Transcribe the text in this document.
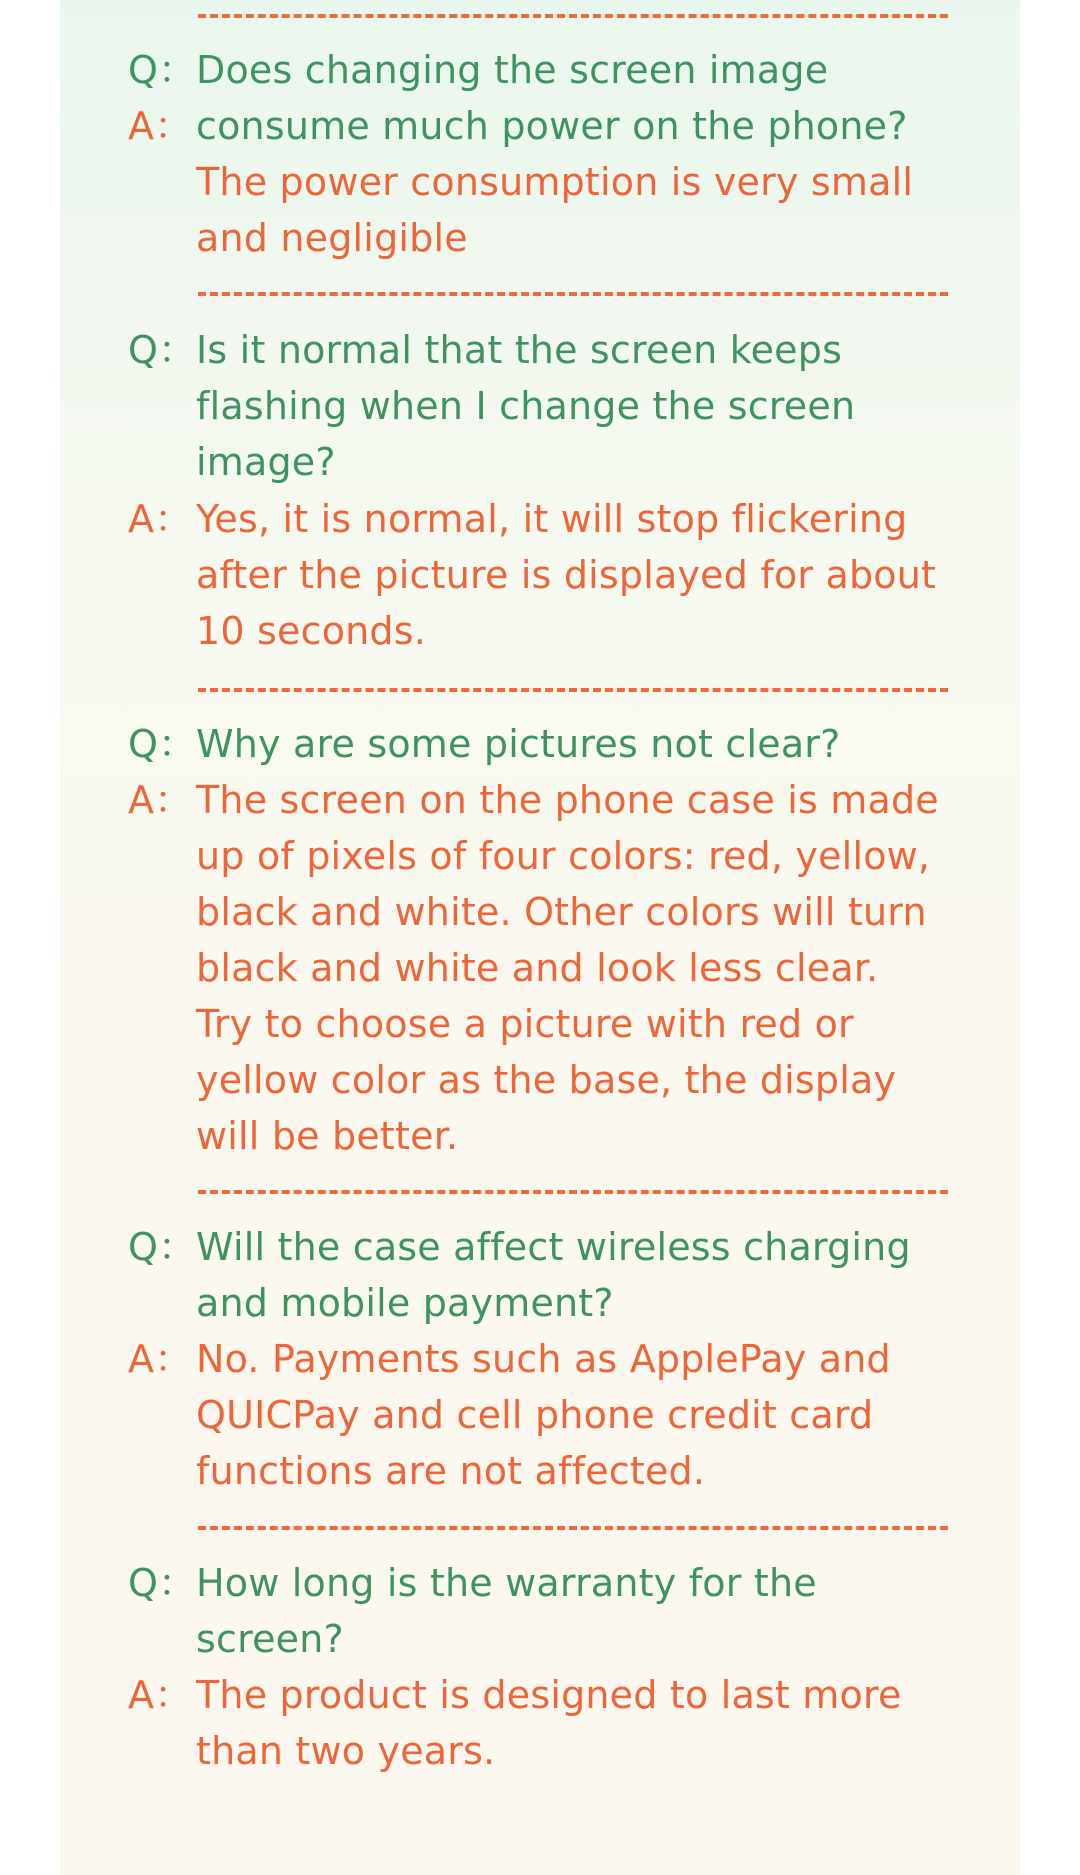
Q： Does changing the screen image
consume much power on the phone?
A：
The power consumption is very small
and negligible
Q： Is it normal that the screen keeps
flashing when I change the screen
image?
A： Yes, it is normal, it will stop flickering
after the picture is displayed for about
10 seconds.
Q： Why are some pictures not clear?
A： The screen on the phone case is made
up of pixels of four colors: red, yellow,
black and white. Other colors will turn
black and white and look less clear.
Try to choose a picture with red or
yellow color as the base, the display
will be better.
Q： Will the case affect wireless charging
and mobile payment?
A： No. Payments such as ApplePay and
QUICPay and cell phone credit card
functions are not affected.
Q： How long is the warranty for the
screen?
A： The product is designed to last more
than two years.
